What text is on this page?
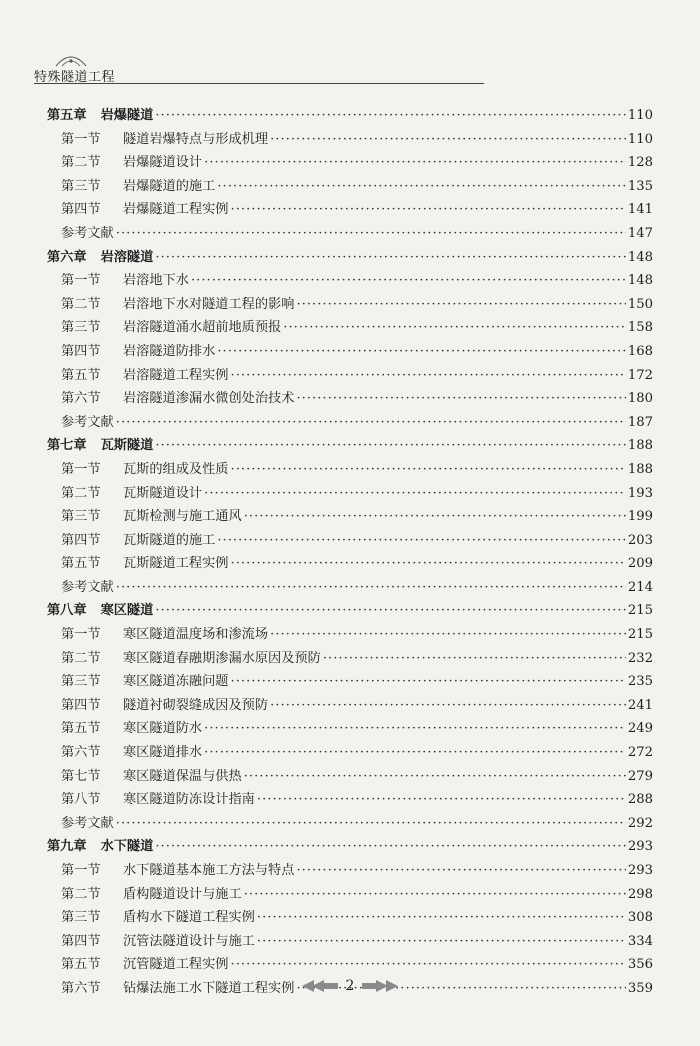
特殊隧道工程
第五章 岩爆隧道 ·····	110
第一节 隧道岩爆特点与形成机理 ·····	110
第二节 岩爆隧道设计 ·····	128
第三节 岩爆隧道的施工 ·····	135
第四节 岩爆隧道工程实例 ·····	141
参考文献 ·····	147
第六章 岩溶隧道 ·····	148
第一节 岩溶地下水 ·····	148
第二节 岩溶地下水对隧道工程的影响 ·····	150
第三节 岩溶隧道涌水超前地质预报 ·····	158
第四节 岩溶隧道防排水 ·····	168
第五节 岩溶隧道工程实例 ·····	172
第六节 岩溶隧道渗漏水微创处治技术 ·····	180
参考文献 ·····	187
第七章 瓦斯隧道 ·····	188
第一节 瓦斯的组成及性质 ·····	188
第二节 瓦斯隧道设计 ·····	193
第三节 瓦斯检测与施工通风 ·····	199
第四节 瓦斯隧道的施工 ·····	203
第五节 瓦斯隧道工程实例 ·····	209
参考文献 ·····	214
第八章 寒区隧道 ·····	215
第一节 寒区隧道温度场和渗流场 ·····	215
第二节 寒区隧道春融期渗漏水原因及预防 ·····	232
第三节 寒区隧道冻融问题 ·····	235
第四节 隧道衬砌裂缝成因及预防 ·····	241
第五节 寒区隧道防水 ·····	249
第六节 寒区隧道排水 ·····	272
第七节 寒区隧道保温与供热 ·····	279
第八节 寒区隧道防冻设计指南 ·····	288
参考文献 ·····	292
第九章 水下隧道 ·····	293
第一节 水下隧道基本施工方法与特点 ·····	293
第二节 盾构隧道设计与施工 ·····	298
第三节 盾构水下隧道工程实例 ·····	308
第四节 沉管法隧道设计与施工 ·····	334
第五节 沉管隧道工程实例 ·····	356
第六节 钻爆法施工水下隧道工程实例 ·····	359
2
